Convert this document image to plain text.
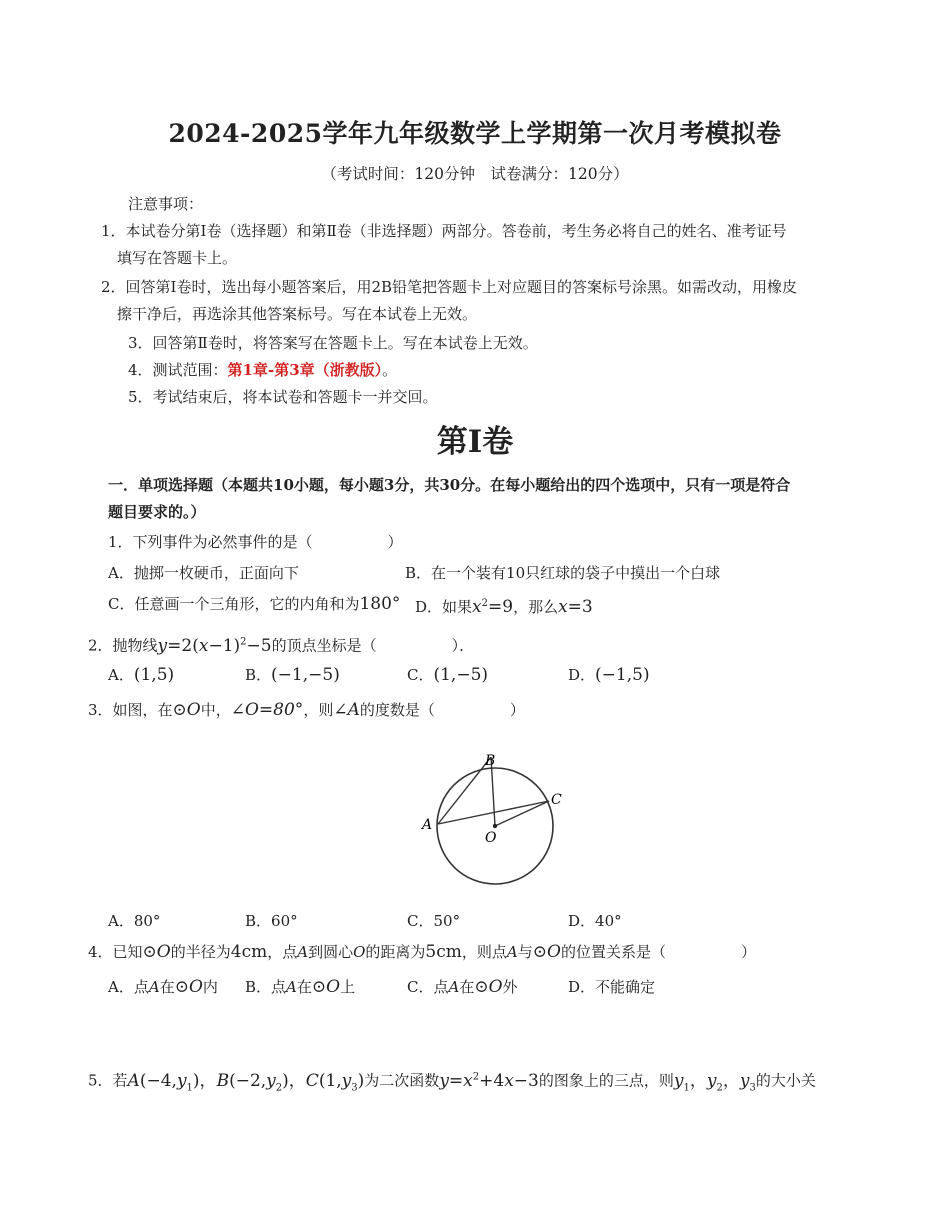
2024-2025学年九年级数学上学期第一次月考模拟卷
（考试时间：120分钟　试卷满分：120分）
注意事项：
1．本试卷分第Ⅰ卷（选择题）和第Ⅱ卷（非选择题）两部分。答卷前，考生务必将自己的姓名、准考证号
填写在答题卡上。
2．回答第Ⅰ卷时，选出每小题答案后，用2B铅笔把答题卡上对应题目的答案标号涂黑。如需改动，用橡皮
擦干净后，再选涂其他答案标号。写在本试卷上无效。
3．回答第Ⅱ卷时，将答案写在答题卡上。写在本试卷上无效。
4．测试范围：第1章-第3章（浙教版）。
5．考试结束后，将本试卷和答题卡一并交回。
第Ⅰ卷
一．单项选择题（本题共10小题，每小题3分，共30分。在每小题给出的四个选项中，只有一项是符合
题目要求的。）
1．下列事件为必然事件的是（　　　　　）
A．抛掷一枚硬币，正面向下	B．在一个装有10只红球的袋子中摸出一个白球
C．任意画一个三角形，它的内角和为180° D．如果$x^2=9$，那么x=3
2．抛物线$y=2(x-1)^2-5$的顶点坐标是（　　　　　）．
A．(1,5)	B．(−1,−5)	C．(1,−5)	D．(−1,5)
3．如图，在⊙O中，∠O=80°，则∠A的度数是（　　　　　）
B
C
A
O
A．80°	B．60°	C．50°	D．40°
4．已知⊙O的半径为4cm，点A到圆心O的距离为5cm，则点A与⊙O的位置关系是（　　　　　）
A．点A在⊙O内 B．点A在⊙O上	C．点A在⊙O外	D．不能确定
5．若$A(-4,y_1)$，$B(-2,y_2)$，$C(1,y_3)$为二次函数$y=x^2+4x-3$的图象上的三点，则$y_1$，$y_2$，$y_3$的大小关
